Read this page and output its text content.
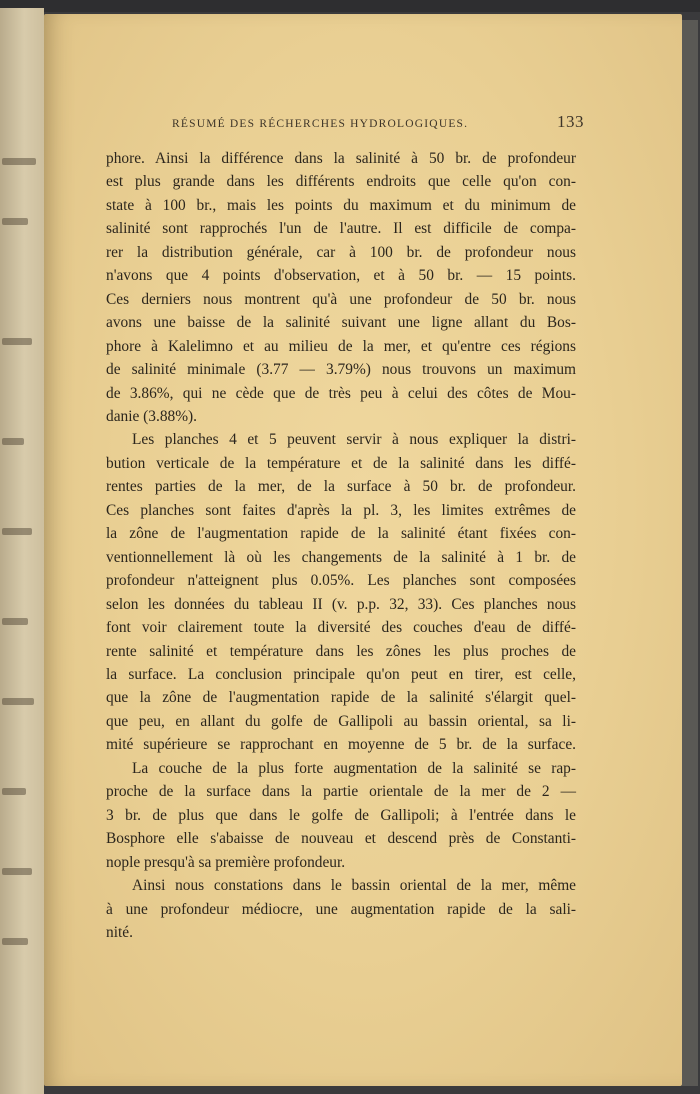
RÉSUMÉ DES RÉCHERCHES HYDROLOGIQUES.	133

phore. Ainsi la différence dans la salinité à 50 br. de profondeur
est plus grande dans les différents endroits que celle qu'on con-
state à 100 br., mais les points du maximum et du minimum de
salinité sont rapprochés l'un de l'autre. Il est difficile de compa-
rer la distribution générale, car à 100 br. de profondeur nous
n'avons que 4 points d'observation, et à 50 br. — 15 points.
Ces derniers nous montrent qu'à une profondeur de 50 br. nous
avons une baisse de la salinité suivant une ligne allant du Bos-
phore à Kalelimno et au milieu de la mer, et qu'entre ces régions
de salinité minimale (3.77 — 3.79%) nous trouvons un maximum
de 3.86%, qui ne cède que de très peu à celui des côtes de Mou-
danie (3.88%).

Les planches 4 et 5 peuvent servir à nous expliquer la distri-
bution verticale de la température et de la salinité dans les diffé-
rentes parties de la mer, de la surface à 50 br. de profondeur.
Ces planches sont faites d'après la pl. 3, les limites extrêmes de
la zône de l'augmentation rapide de la salinité étant fixées con-
ventionnellement là où les changements de la salinité à 1 br. de
profondeur n'atteignent plus 0.05%. Les planches sont composées
selon les données du tableau II (v. p.p. 32, 33). Ces planches nous
font voir clairement toute la diversité des couches d'eau de diffé-
rente salinité et température dans les zônes les plus proches de
la surface. La conclusion principale qu'on peut en tirer, est celle,
que la zône de l'augmentation rapide de la salinité s'élargit quel-
que peu, en allant du golfe de Gallipoli au bassin oriental, sa li-
mité supérieure se rapprochant en moyenne de 5 br. de la surface.

La couche de la plus forte augmentation de la salinité se rap-
proche de la surface dans la partie orientale de la mer de 2 —
3 br. de plus que dans le golfe de Gallipoli; à l'entrée dans le
Bosphore elle s'abaisse de nouveau et descend près de Constanti-
nople presqu'à sa première profondeur.

Ainsi nous constations dans le bassin oriental de la mer, même
à une profondeur médiocre, une augmentation rapide de la sali-
nité.
